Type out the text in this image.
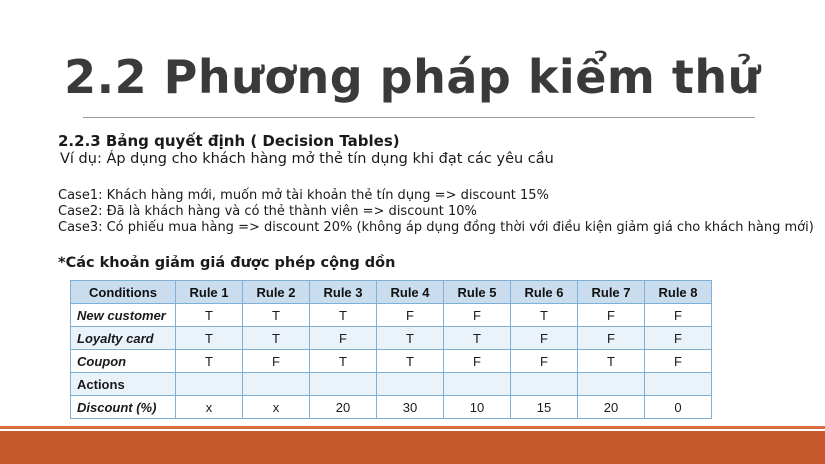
2.2 Phương pháp kiểm thử
2.2.3 Bảng quyết định ( Decision Tables)
Ví dụ: Áp dụng cho khách hàng mở thẻ tín dụng khi đạt các yêu cầu
Case1: Khách hàng mới, muốn mở tài khoản thẻ tín dụng => discount 15%
Case2: Đã là khách hàng và có thẻ thành viên => discount 10%
Case3: Có phiếu mua hàng => discount 20% (không áp dụng đồng thời với điều kiện giảm giá cho khách hàng mới)
*Các khoản giảm giá được phép cộng dồn
Conditions	Rule 1	Rule 2	Rule 3	Rule 4	Rule 5	Rule 6	Rule 7	Rule 8
New customer	T	T	T	F	F	T	F	F
Loyalty card	T	T	F	T	T	F	F	F
Coupon	T	F	T	T	F	F	T	F
Actions								
Discount (%)	x	x	20	30	10	15	20	0
